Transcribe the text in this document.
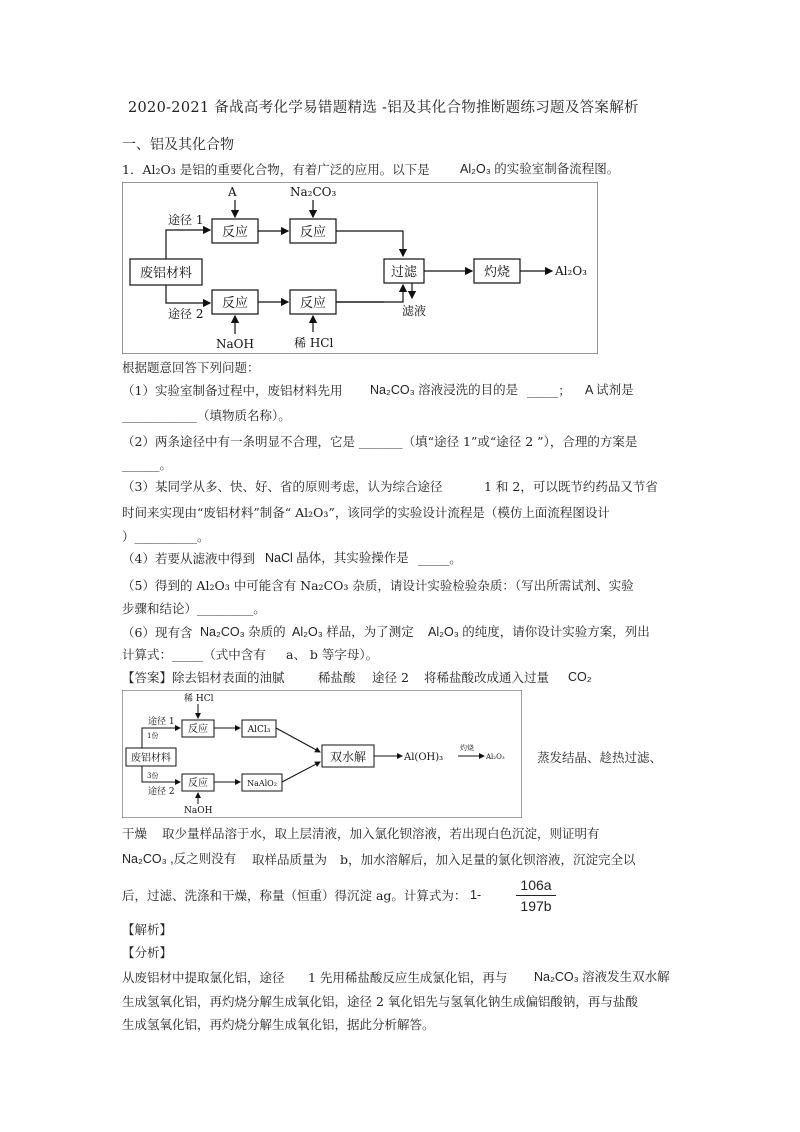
2020-2021 备战高考化学易错题精选 -铝及其化合物推断题练习题及答案解析
一、铝及其化合物
1．Al₂O₃ 是铝的重要化合物，有着广泛的应用。以下是 Al₂O₃ 的实验室制备流程图。
废铝材料
途径 1
途径 2
反应	反应
A	Na₂CO₃
反应	反应
NaOH	稀 HCl
过滤
滤液
灼烧	Al₂O₃
根据题意回答下列问题：
（1）实验室制备过程中，废铝材料先用 Na₂CO₃ 溶液浸洗的目的是 _____； A 试剂是
____________（填物质名称）。
（2）两条途径中有一条明显不合理，它是 _______（填“途径 1”或“途径 2 ”），合理的方案是
______。
（3）某同学从多、快、好、省的原则考虑，认为综合途径	1 和 2，可以既节约药品又节省
时间来实现由“废铝材料”制备“ Al₂O₃”，该同学的实验设计流程是（模仿上面流程图设计
）__________。
（4）若要从滤液中得到 NaCl 晶体，其实验操作是 _____。
（5）得到的 Al₂O₃ 中可能含有 Na₂CO₃ 杂质，请设计实验检验杂质：（写出所需试剂、实验
步骤和结论）_________。
（6）现有含 Na₂CO₃ 杂质的 Al₂O₃ 样品，为了测定 Al₂O₃ 的纯度，请你设计实验方案，列出
计算式：_____（式中含有 a、 b 等字母）。
【答案】除去铝材表面的油腻	稀盐酸 途径 2 将稀盐酸改成通入过量 CO₂
废铝材料
途径 1
1份
3份
途径 2
反应
稀 HCl
AlCl₃
反应
NaOH
NaAlO₂
双水解	Al(OH)₃
灼烧
Al₂O₃	蒸发结晶、趁热过滤、
干燥 取少量样品溶于水，取上层清液，加入氯化钡溶液，若出现白色沉淀，则证明有
Na₂CO₃ ,反之则没有 取样品质量为 b，加水溶解后，加入足量的氯化钡溶液，沉淀完全以
后，过滤、洗涤和干燥，称量（恒重）得沉淀 ag。计算式为： 1-
106a
197b
【解析】
【分析】
从废铝材中提取氯化铝，途径 1 先用稀盐酸反应生成氯化铝，再与 Na₂CO₃ 溶液发生双水解
生成氢氧化铝，再灼烧分解生成氧化铝，途径 2 氧化铝先与氢氧化钠生成偏铝酸钠，再与盐酸
生成氢氧化铝，再灼烧分解生成氧化铝，据此分析解答。
